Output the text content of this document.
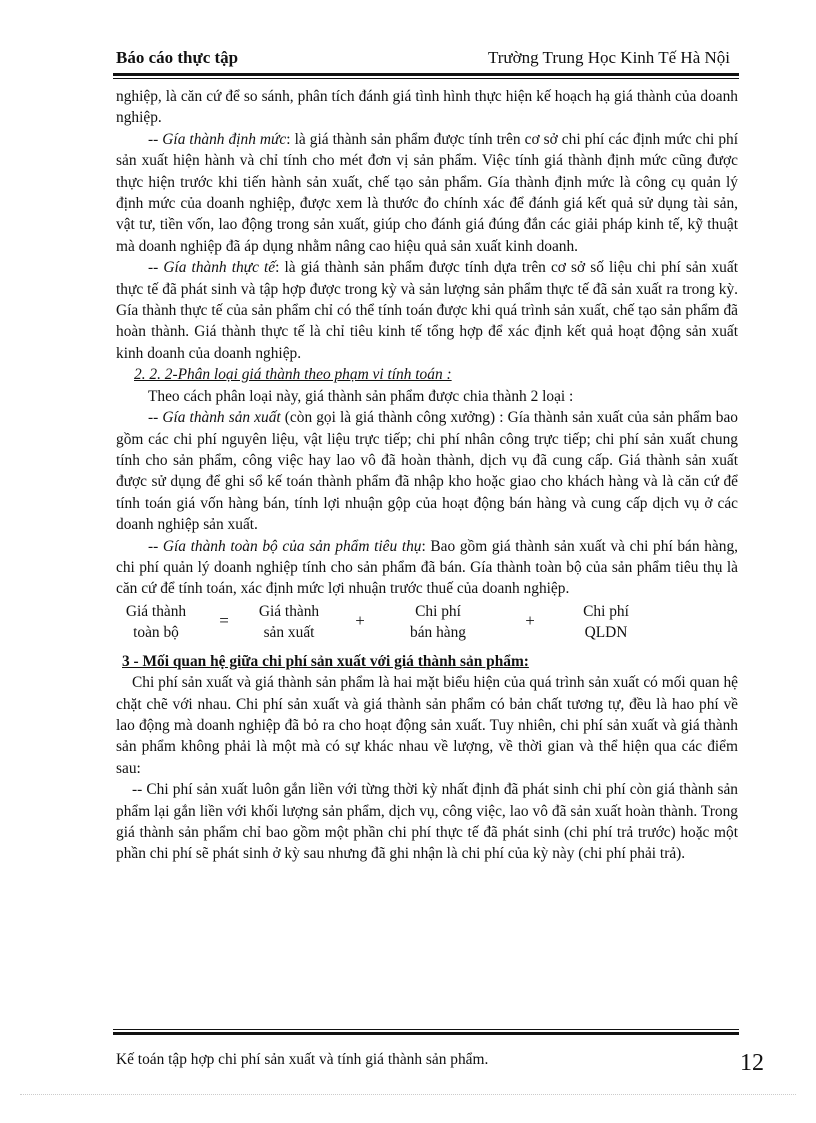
Báo cáo thực tập	Trường Trung Học Kinh Tế Hà Nội

nghiệp, là căn cứ để so sánh, phân tích đánh giá tình hình thực hiện kế hoạch hạ giá thành của doanh nghiệp.

-- Gía thành định mức: là giá thành sản phẩm được tính trên cơ sở chi phí các định mức chi phí sản xuất hiện hành và chỉ tính cho mét đơn vị sản phẩm. Việc tính giá thành định mức cũng được thực hiện trước khi tiến hành sản xuất, chế tạo sản phẩm. Gía thành định mức là công cụ quản lý định mức của doanh nghiệp, được xem là thước đo chính xác để đánh giá kết quả sử dụng tài sản, vật tư, tiền vốn, lao động trong sản xuất, giúp cho đánh giá đúng đắn các giải pháp kinh tế, kỹ thuật mà doanh nghiệp đã áp dụng nhằm nâng cao hiệu quả sản xuất kinh doanh.

-- Gía thành thực tế: là giá thành sản phẩm được tính dựa trên cơ sở số liệu chi phí sản xuất thực tế đã phát sinh và tập hợp được trong kỳ và sản lượng sản phẩm thực tế đã sản xuất ra trong kỳ. Gía thành thực tế của sản phẩm chỉ có thể tính toán được khi quá trình sản xuất, chế tạo sản phẩm đã hoàn thành. Giá thành thực tế là chỉ tiêu kinh tế tổng hợp để xác định kết quả hoạt động sản xuất kinh doanh của doanh nghiệp.

2. 2. 2-Phân loại giá thành theo phạm vi tính toán :

Theo cách phân loại này, giá thành sản phẩm được chia thành 2 loại :

-- Gía thành sản xuất (còn gọi là giá thành công xưởng) : Gía thành sản xuất của sản phẩm bao gồm các chi phí nguyên liệu, vật liệu trực tiếp; chi phí nhân công trực tiếp; chi phí sản xuất chung tính cho sản phẩm, công việc hay lao vô đã hoàn thành, dịch vụ đã cung cấp. Giá thành sản xuất được sử dụng để ghi sổ kế toán thành phẩm đã nhập kho hoặc giao cho khách hàng và là căn cứ để tính toán giá vốn hàng bán, tính lợi nhuận gộp của hoạt động bán hàng và cung cấp dịch vụ ở các doanh nghiệp sản xuất.

-- Gía thành toàn bộ của sản phẩm tiêu thụ: Bao gồm giá thành sản xuất và chi phí bán hàng, chi phí quản lý doanh nghiệp tính cho sản phẩm đã bán. Gía thành toàn bộ của sản phẩm tiêu thụ là căn cứ để tính toán, xác định mức lợi nhuận trước thuế của doanh nghiệp.

Giá thành
toàn bộ
=	Giá thành
sản xuất
+	Chi phí
bán hàng
+	Chi phí
QLDN

3 - Mối quan hệ giữa chi phí sản xuất với giá thành sản phẩm:

Chi phí sản xuất và giá thành sản phẩm là hai mặt biểu hiện của quá trình sản xuất có mối quan hệ chặt chẽ với nhau. Chi phí sản xuất và giá thành sản phẩm có bản chất tương tự, đều là hao phí về lao động mà doanh nghiệp đã bỏ ra cho hoạt động sản xuất. Tuy nhiên, chi phí sản xuất và giá thành sản phẩm không phải là một mà có sự khác nhau về lượng, về thời gian và thể hiện qua các điểm sau:

-- Chi phí sản xuất luôn gắn liền với từng thời kỳ nhất định đã phát sinh chi phí còn giá thành sản phẩm lại gắn liền với khối lượng sản phẩm, dịch vụ, công việc, lao vô đã sản xuất hoàn thành. Trong giá thành sản phẩm chỉ bao gồm một phần chi phí thực tế đã phát sinh (chi phí trả trước) hoặc một phần chi phí sẽ phát sinh ở kỳ sau nhưng đã ghi nhận là chi phí của kỳ này (chi phí phải trả).

Kế toán tập hợp chi phí sản xuất và tính giá thành sản phẩm.	12
